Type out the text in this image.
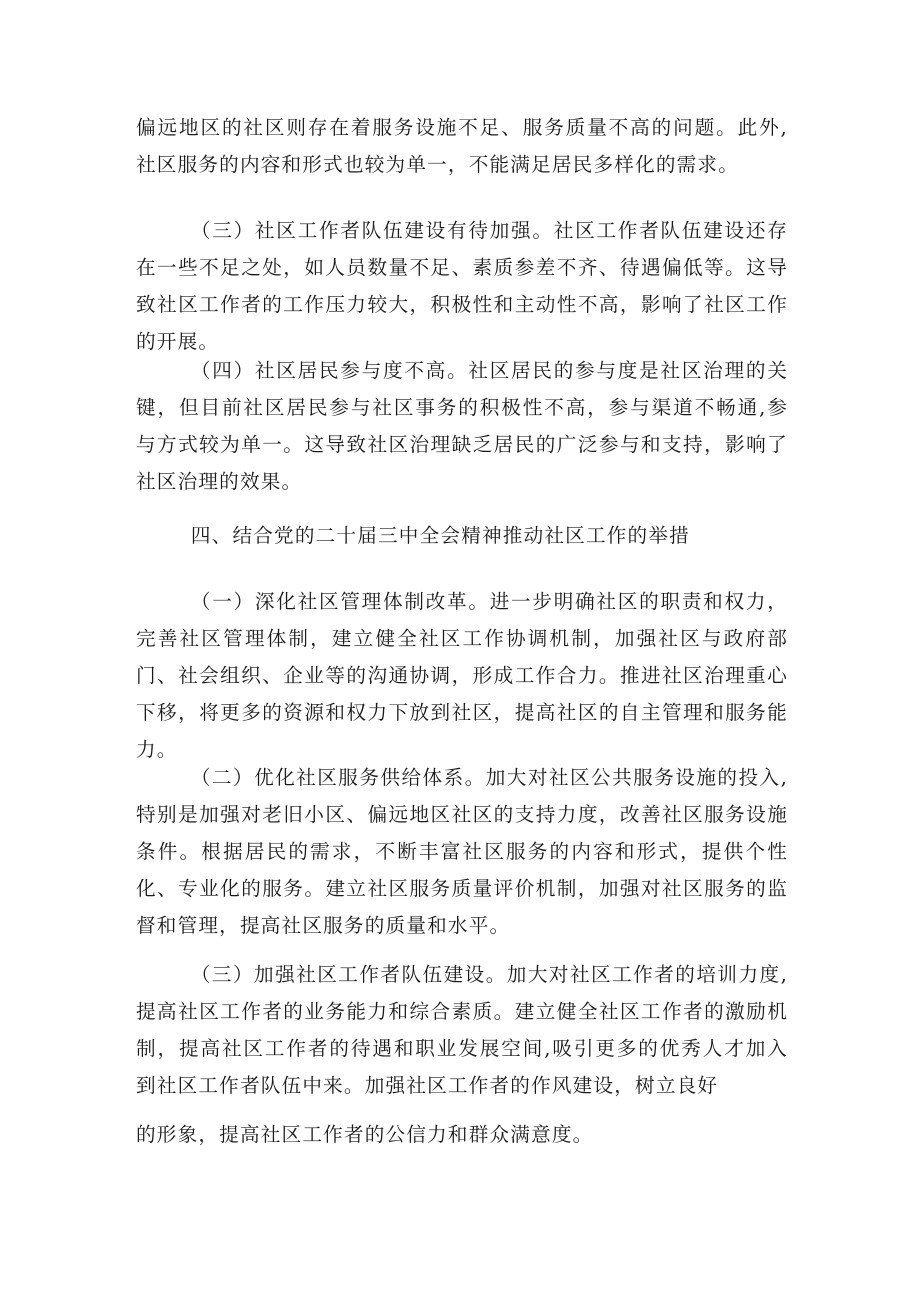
偏远地区的社区则存在着服务设施不足、服务质量不高的问题。此外,社区服务的内容和形式也较为单一，不能满足居民多样化的需求。

（三）社区工作者队伍建设有待加强。社区工作者队伍建设还存在一些不足之处，如人员数量不足、素质参差不齐、待遇偏低等。这导致社区工作者的工作压力较大，积极性和主动性不高，影响了社区工作的开展。

（四）社区居民参与度不高。社区居民的参与度是社区治理的关键，但目前社区居民参与社区事务的积极性不高，参与渠道不畅通,参与方式较为单一。这导致社区治理缺乏居民的广泛参与和支持，影响了社区治理的效果。

四、结合党的二十届三中全会精神推动社区工作的举措

（一）深化社区管理体制改革。进一步明确社区的职责和权力，完善社区管理体制，建立健全社区工作协调机制，加强社区与政府部门、社会组织、企业等的沟通协调，形成工作合力。推进社区治理重心下移，将更多的资源和权力下放到社区，提高社区的自主管理和服务能力。

（二）优化社区服务供给体系。加大对社区公共服务设施的投入,特别是加强对老旧小区、偏远地区社区的支持力度，改善社区服务设施条件。根据居民的需求，不断丰富社区服务的内容和形式，提供个性化、专业化的服务。建立社区服务质量评价机制，加强对社区服务的监督和管理，提高社区服务的质量和水平。

（三）加强社区工作者队伍建设。加大对社区工作者的培训力度,提高社区工作者的业务能力和综合素质。建立健全社区工作者的激励机制，提高社区工作者的待遇和职业发展空间,吸引更多的优秀人才加入到社区工作者队伍中来。加强社区工作者的作风建设，树立良好

的形象，提高社区工作者的公信力和群众满意度。
